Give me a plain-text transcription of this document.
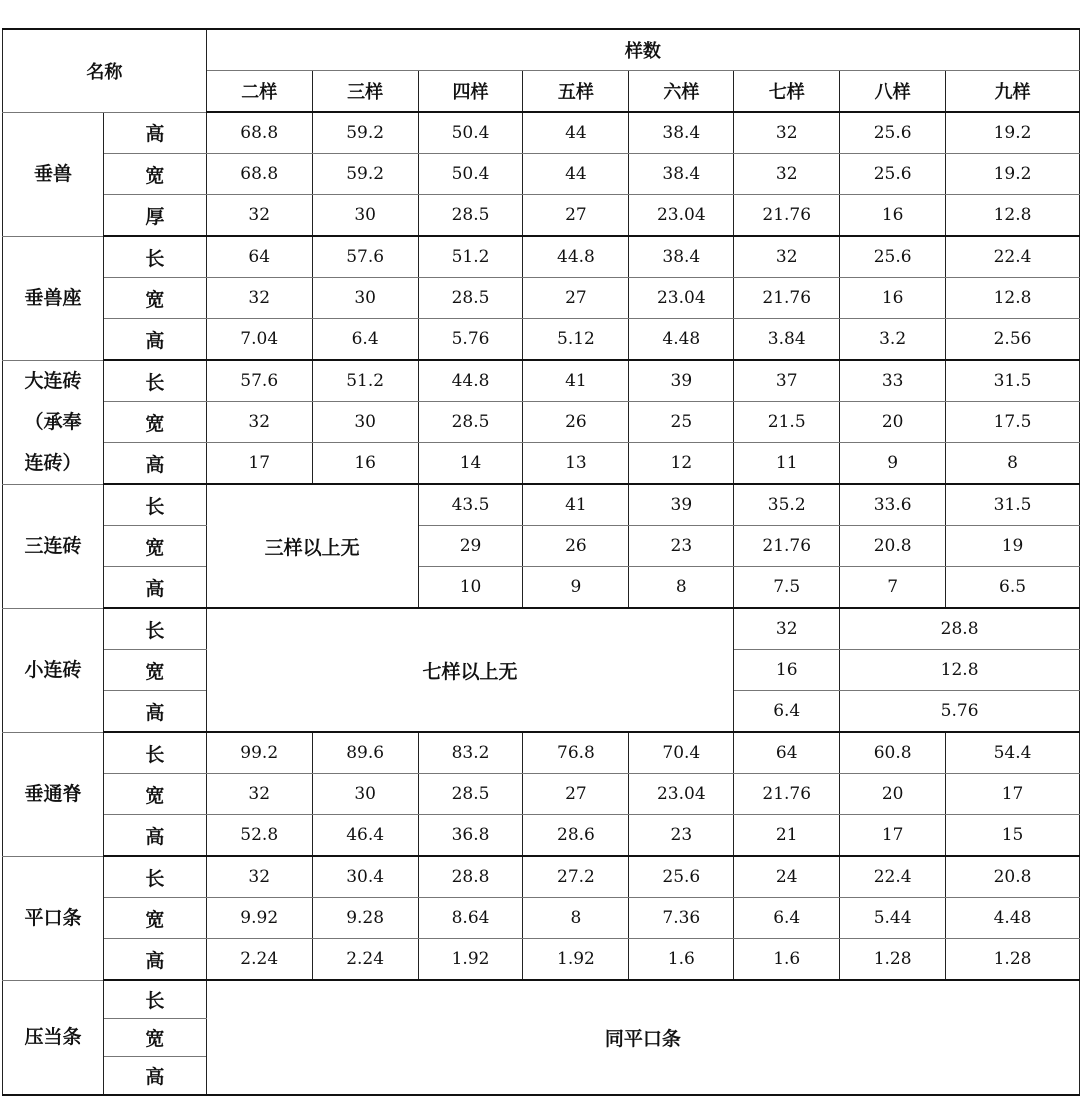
名称		样数							
		二样	三样	四样	五样	六样	七样	八样	九样
垂兽	高	68.8	59.2	50.4	44	38.4	32	25.6	19.2
	宽	68.8	59.2	50.4	44	38.4	32	25.6	19.2
	厚	32	30	28.5	27	23.04	21.76	16	12.8
垂兽座	长	64	57.6	51.2	44.8	38.4	32	25.6	22.4
	宽	32	30	28.5	27	23.04	21.76	16	12.8
	高	7.04	6.4	5.76	5.12	4.48	3.84	3.2	2.56

大连砖
（承奉
连砖）	长	57.6	51.2	44.8	41	39	37	33	31.5
	宽	32	30	28.5	26	25	21.5	20	17.5
	高	17	16	14	13	12	11	9	8
三连砖	长	三样以上无		43.5	41	39	35.2	33.6	31.5
	宽			29	26	23	21.76	20.8	19
	高			10	9	8	7.5	7	6.5
小连砖	长	七样以上无					32	28.8	
	宽						16	12.8	
	高						6.4	5.76	
垂通脊	长	99.2	89.6	83.2	76.8	70.4	64	60.8	54.4
	宽	32	30	28.5	27	23.04	21.76	20	17
	高	52.8	46.4	36.8	28.6	23	21	17	15
平口条	长	32	30.4	28.8	27.2	25.6	24	22.4	20.8
	宽	9.92	9.28	8.64	8	7.36	6.4	5.44	4.48
	高	2.24	2.24	1.92	1.92	1.6	1.6	1.28	1.28
压当条	长	同平口条							
	宽								
	高								
